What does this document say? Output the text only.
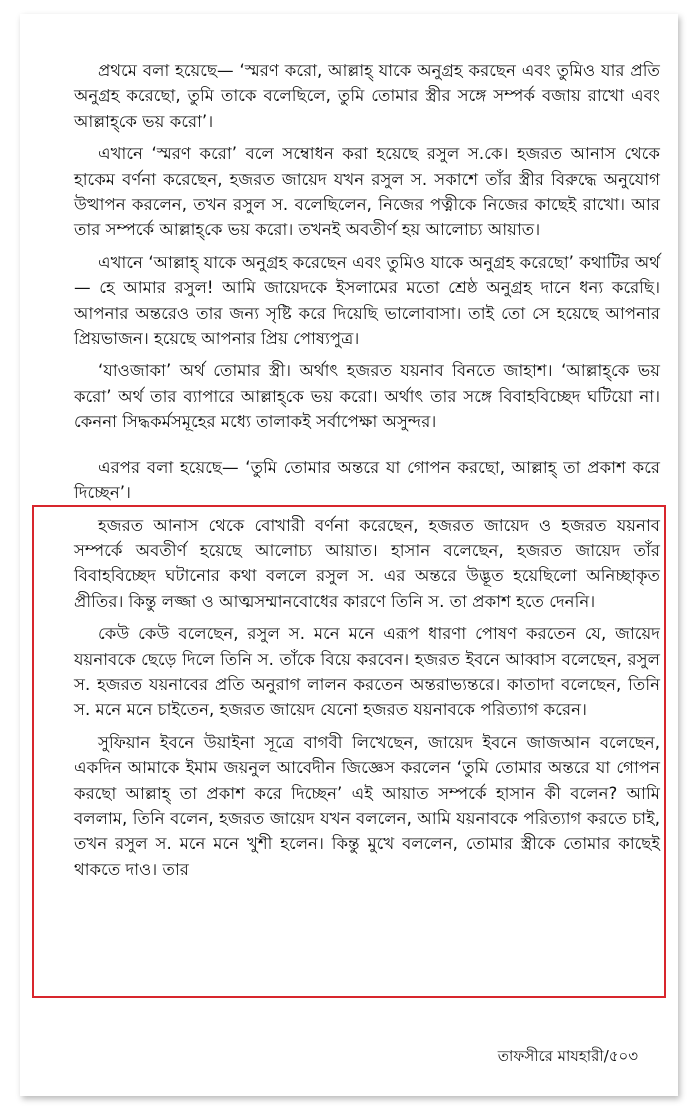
প্রথমে বলা হয়েছে— ‘স্মরণ করো, আল্লাহ্ যাকে অনুগ্রহ করছেন এবং তুমিও যার প্রতি অনুগ্রহ করেছো, তুমি তাকে বলেছিলে, তুমি তোমার স্ত্রীর সঙ্গে সম্পর্ক বজায় রাখো এবং আল্লাহ্‌কে ভয় করো’।

এখানে ‘স্মরণ করো’ বলে সম্বোধন করা হয়েছে রসুল স.কে। হজরত আনাস থেকে হাকেম বর্ণনা করেছেন, হজরত জায়েদ যখন রসুল স. সকাশে তাঁর স্ত্রীর বিরুদ্ধে অনুযোগ উত্থাপন করলেন, তখন রসুল স. বলেছিলেন, নিজের পত্নীকে নিজের কাছেই রাখো। আর তার সম্পর্কে আল্লাহ্‌কে ভয় করো। তখনই অবতীর্ণ হয় আলোচ্য আয়াত।

এখানে ‘আল্লাহ্ যাকে অনুগ্রহ করেছেন এবং তুমিও যাকে অনুগ্রহ করেছো’ কথাটির অর্থ— হে আমার রসুল! আমি জায়েদকে ইসলামের মতো শ্রেষ্ঠ অনুগ্রহ দানে ধন্য করেছি। আপনার অন্তরেও তার জন্য সৃষ্টি করে দিয়েছি ভালোবাসা। তাই তো সে হয়েছে আপনার প্রিয়ভাজন। হয়েছে আপনার প্রিয় পোষ্যপুত্র।

‘যাওজাকা’ অর্থ তোমার স্ত্রী। অর্থাৎ হজরত যয়নাব বিনতে জাহাশ। ‘আল্লাহ্‌কে ভয় করো’ অর্থ তার ব্যাপারে আল্লাহ্‌কে ভয় করো। অর্থাৎ তার সঙ্গে বিবাহবিচ্ছেদ ঘটিয়ো না। কেননা সিদ্ধকর্মসমূহের মধ্যে তালাকই সর্বাপেক্ষা অসুন্দর।

এরপর বলা হয়েছে— ‘তুমি তোমার অন্তরে যা গোপন করছো, আল্লাহ্ তা প্রকাশ করে দিচ্ছেন’।

হজরত আনাস থেকে বোখারী বর্ণনা করেছেন, হজরত জায়েদ ও হজরত যয়নাব সম্পর্কে অবতীর্ণ হয়েছে আলোচ্য আয়াত। হাসান বলেছেন, হজরত জায়েদ তাঁর বিবাহবিচ্ছেদ ঘটানোর কথা বললে রসুল স. এর অন্তরে উদ্ভূত হয়েছিলো অনিচ্ছাকৃত প্রীতির। কিন্তু লজ্জা ও আত্মসম্মানবোধের কারণে তিনি স. তা প্রকাশ হতে দেননি।

কেউ কেউ বলেছেন, রসুল স. মনে মনে এরূপ ধারণা পোষণ করতেন যে, জায়েদ যয়নাবকে ছেড়ে দিলে তিনি স. তাঁকে বিয়ে করবেন। হজরত ইবনে আব্বাস বলেছেন, রসুল স. হজরত যয়নাবের প্রতি অনুরাগ লালন করতেন অন্তরাভ্যন্তরে। কাতাদা বলেছেন, তিনি স. মনে মনে চাইতেন, হজরত জায়েদ যেনো হজরত যয়নাবকে পরিত্যাগ করেন।

সুফিয়ান ইবনে উয়াইনা সূত্রে বাগবী লিখেছেন, জায়েদ ইবনে জাজআন বলেছেন, একদিন আমাকে ইমাম জয়নুল আবেদীন জিজ্ঞেস করলেন ‘তুমি তোমার অন্তরে যা গোপন করছো আল্লাহ্ তা প্রকাশ করে দিচ্ছেন’ এই আয়াত সম্পর্কে হাসান কী বলেন? আমি বললাম, তিনি বলেন, হজরত জায়েদ যখন বললেন, আমি যয়নাবকে পরিত্যাগ করতে চাই, তখন রসুল স. মনে মনে খুশী হলেন। কিন্তু মুখে বললেন, তোমার স্ত্রীকে তোমার কাছেই থাকতে দাও। তার

তাফসীরে মাযহারী/৫০৩
